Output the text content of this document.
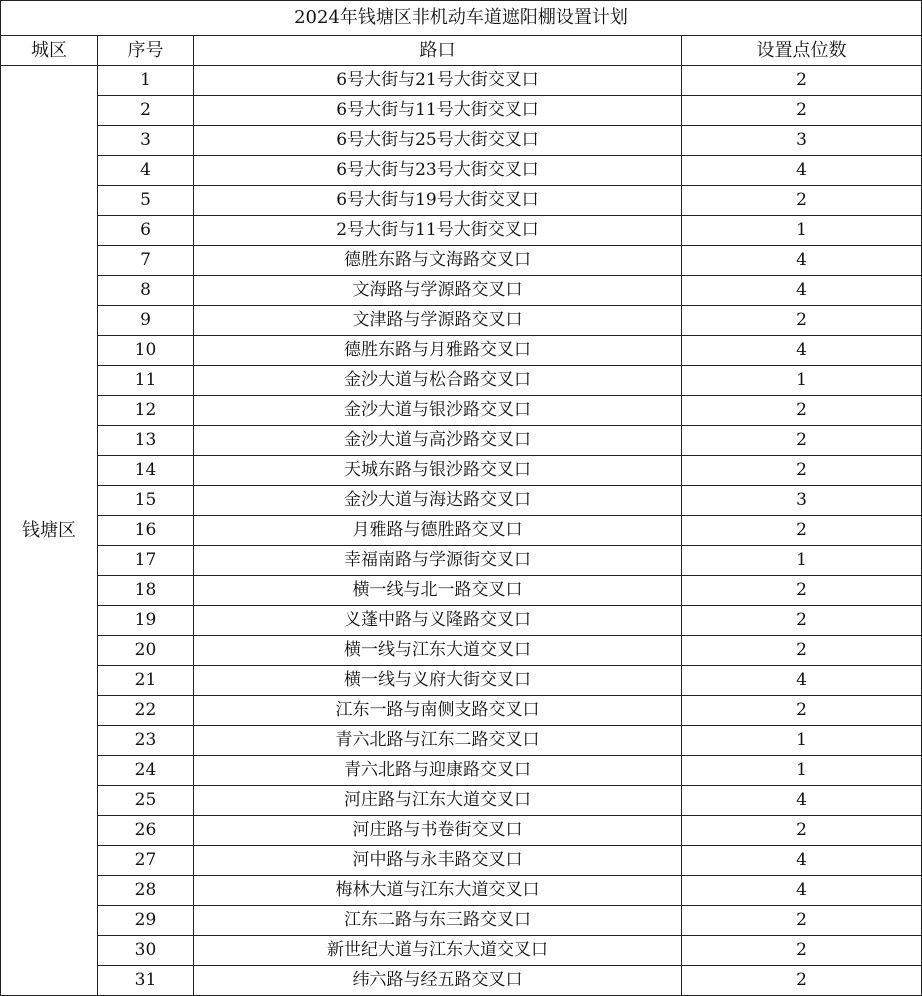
2024年钱塘区非机动车道遮阳棚设置计划			
城区	序号	路口	设置点位数
钱塘区	1	6号大街与21号大街交叉口	2
	2	6号大街与11号大街交叉口	2
	3	6号大街与25号大街交叉口	3
	4	6号大街与23号大街交叉口	4
	5	6号大街与19号大街交叉口	2
	6	2号大街与11号大街交叉口	1
	7	德胜东路与文海路交叉口	4
	8	文海路与学源路交叉口	4
	9	文津路与学源路交叉口	2
	10	德胜东路与月雅路交叉口	4
	11	金沙大道与松合路交叉口	1
	12	金沙大道与银沙路交叉口	2
	13	金沙大道与高沙路交叉口	2
	14	天城东路与银沙路交叉口	2
	15	金沙大道与海达路交叉口	3
	16	月雅路与德胜路交叉口	2
	17	幸福南路与学源街交叉口	1
	18	横一线与北一路交叉口	2
	19	义蓬中路与义隆路交叉口	2
	20	横一线与江东大道交叉口	2
	21	横一线与义府大街交叉口	4
	22	江东一路与南侧支路交叉口	2
	23	青六北路与江东二路交叉口	1
	24	青六北路与迎康路交叉口	1
	25	河庄路与江东大道交叉口	4
	26	河庄路与书卷街交叉口	2
	27	河中路与永丰路交叉口	4
	28	梅林大道与江东大道交叉口	4
	29	江东二路与东三路交叉口	2
	30	新世纪大道与江东大道交叉口	2
	31	纬六路与经五路交叉口	2
